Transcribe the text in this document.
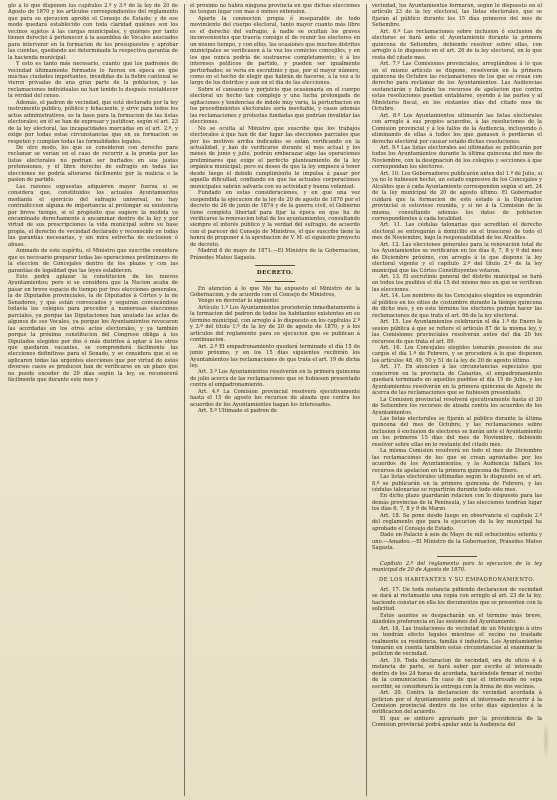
glo á lo que disponen los capítulos 2.º y 3.º de la ley de 20 de Agosto de 1870 y los artículos correspondientes del reglamento que para su ejecucion aprobó el Consejo de Estado; y de ese modo quedará establecido con toda claridad quiénes son los vecinos sujetos á las cargas municipales, y quiénes por tanto tienen derecho á pertenecer á la asamblea de Vocales asociados para intervenir en la formacion de los presupuestos y aprobar las cuentas, quedando así determinada la respectiva garantía de la hacienda municipal.

Y esto es tanto más necesario, cuanto que los padrones de vecindad últimamente formados lo fueron en época en que muchas ciudades importantes, invadidas de la fiebre cantonal se vieron privadas de una gran parte de la poblacion, y las reclamaciones individuales no han tenido lo después restablecer la verdad del censo.

Además, el padron de vecindad, que está declarado por la ley instrumento público, público y fehaciente, y sirve para todos los actos administrativos, es la base para la formacion de las listas electorales; en él se han de expresar y justificar, según el art. 23 de la ley electoral, las incapacidades marcadas en el art. 2.º, y exige por todas estas circunstancias que en su formacion se respeten y cumplan todas las formalidades legales.

De otro modo, los que se consideren con derecho para reclamar se verían en el caso de recurrir a la pronta por las listas electorales no podrían ser burlados en sus justas pretensiones, y el libre derecho de sufragio en todas las elecciones no podría alterarse fácilmente por la malicia o la pasion de partido.

Las razones expuestas adquieren mayor fuerza si se considera que, constituidos los actuales Ayuntamientos mediante el ejercicio del sufragio universal, no hay contradiccion alguna de importancia al prolongar su existencia por breve tiempo, si el propósito que sugiere la medida va encaminado derechamente á encaminar dentro de la ley y por virtud de sus prescripciones la vida municipal sobre su base propia, el derecho de vecindad declarado y reconocido en todas las garantías necesarias, y sin mira estrecha de exclusion ó abuso.

Animado de este espíritu, el Ministro que suscribe considera que es necesario preparar todas las operaciones preliminares de la eleccion de Concejales dentro de los plazos y con las garantías de legalidad que las leyes establecen.

Esto podrá aplazar la constitucion de los nuevos Ayuntamientos; pero si se considera que la Nacion acaba de pasar en breve espacio de tiempo por tres elecciones generales, la de Diputados provinciales, la de Diputados á Córtes y la de Senadores, y que están convocados y seguirán convocándose todavía los colegios para proceder á numerosas elecciones parciales, ya porque las Diputaciones han anulado las actas de algunos de sus Vocales, ya porque los Ayuntamientos revocaron las acordadas en los otros actos electorales, y ya también porque la próxima constitucion del Congreso obliga á los Diputados elegidos por dos ó más distritos á optar á los otros que quedarán vacantes, se comprenderá fácilmente las elecciones definitivas para el Senado, y se considera que si se aplicaren todas las urgentes elecciones que por virtud de estos diversos casos se producen han de verificarse en un plazo que no puede exceder de 20 días según la ley, se reconocerá fácilmente que durante este mes y

el próximo no habrá ninguna provincia en que dichas elecciones no tengan lugar con más ó ménos extension.

Aparte la conmocion propia é inseparable de todo movimiento del cuerpo electoral, tanto mayor cuanto más libre es el derecho del sufragio, á nadie se ocultan los graves inconvenientes que traería consigo el de reunir los electores en un mismo tiempo, y con ellos, las ocasiones que muchos distritos municipales se verificasen á la vez los comicios concejiles, y en los que nunca podría de sustraerse completamente; ó á los intereses políticos de partido, y pueden ser igualmente perturbados; se vería en escrutinio y que, por el mayor número, como en el hecho de elegir que habrán de hacerse, á la vez a lo largo de los distritos y aun en el día de las elecciones.

Sobre el cansancio y perjuicio que ocasionaría en el cuerpo electoral un hecho tan complejo y una lucha prolongada de agitaciones y tendencias de índole muy varia, la perturbacion en los procedimientos electorales sería inevitable, y casos además las reclamaciones y protestas fundadas que podrían invalidar las elecciones.

No se oculta al Ministro que suscribe que los trabajos electorales á que han de dar lugar las elecciones parciales que por los motivos arriba indicados se están verificando en la actualidad, y han de verificarse durante el mes actual y los meses de junio y julio, podrán embarazar algo las operaciones preliminares que exige el perfecto planteamiento de la ley orgánica municipal; pero su deseo de que la ley empiece á tener desde luego el debido cumplimiento le impulsa á pasar por aquella dificultad, confiando en que las actuales corporaciones municipales sabrán salvarla con su actividad y buena voluntad.

Fundado en estas consideraciones, y en que una vez suspendida la ejecucion de la ley de 20 de agosto de 1870 por el decreto de 26 de junio de 1874 y de la guerra civil, el Gobierno tiene completa libertad para fijar la época en que ha de verificarse la renovacion total de los ayuntamientos, consultando siempre el interés público y la verdad del sufragio; de acuerdo con el parecer del Consejo de Ministros, el que suscribe tiene la honra de proponer á la aprobacion de V. M. el siguiente proyecto de decreto.

Madrid 6 de mayo de 1871.—El Ministro de la Gobernacion, Práxedes Mateo Sagasta.

DECRETO.

En atencion á lo que Me ha expuesto el Ministro de la Gobernacion, y de acuerdo con el Consejo de Ministros,

Vengo en decretar lo siguiente:

Artículo 1.º Los Ayuntamientos procederán inmediatamente á la formacion del padron de todos los habitantes existentes en su término municipal, con arreglo á lo dispuesto en los capítulos 2.º y 3.º del título 1.º de la ley de 20 de agosto de 1870, y á los artículos del reglamento para su ejecucion que se publican á continuacion.

Art. 2.º El empadronamiento quedará terminado el día 15 de junio próximo, y en los 15 días siguientes recibirán los Ayuntamientos las reclamaciones de que trata el art. 19 de dicha ley.

Art. 3.º Los Ayuntamientos resolverán en la primera quincena de julio acerca de las reclamaciones que se hubiesen presentado contra el empadronamiento.

Art. 4.º La Comision provincial resolverá ejecutivamente hasta el 15 de agosto los recursos de alzada que contra los acuerdos de los Ayuntamientos hagan los interesados.

Art. 5.º Ultimado el padron de

vecindad, los Ayuntamientos formarán, según lo dispuesto en el artículo 23 de la ley electoral, las listas electorales, que se fijarán al público durante los 15 días primeros del mes de Setiembre.

Art. 6.º Las reclamaciones sobre inclusion ó exclusion de electores se hará ante el Ayuntamiento durante la primera quincena de Setiembre, debiendo resolver sobre ellas, con arreglo á lo dispuesto en el art. 26 de la ley electoral, en lo que resta del citado mes.

Art. 7.º Las Comisiones provinciales, arreglándose á lo que en el mismo artículo se dispone, resolverán en la primera quincena de Octubre las reclamaciones de los que se crean con derecho para reclamar de los Ayuntamientos. Las Audiencias sustanciarán y fallarán los recursos de apelacion que contra estas resoluciones puedan entablarse, oyendo á las partes y al Ministerio fiscal, en los restantes días del citado mes de Octubre.

Art. 8.º Los Ayuntamientos ultimarán las listas electorales con arreglo á sus propios acuerdos, á las resoluciones de la Comision provincial y á los fallos de la Audiencia, incluyendo ó eliminando de ellas á todos los que ganasen ó perdieran el derecho electoral por causar estado dichas resoluciones.

Art. 9.º Las listas electorales así ultimadas se publicarán por todos los Ayuntamientos durante la última quincena del mes de Noviembre, con la designacion de los colegios y secciones á que correspondan los electores.

Art. 10. Los Gobernadores publicarán antes del 1.º de Julio, si ya no lo hubiesen hecho, un estado expresivo de los Concejales y Alcaldes que á cada Ayuntamiento corresponden según el art. 24 de la ley municipal de 20 de agosto último. El Gobernador cuidará que la formacion de este estado á la Diputacion provincial si estuviese reunida, y si no á la Comision de la misma, consultando además los datos de poblacion correspondientes á cada localidad.

Art. 11. Las cédulas talonarias que acreditan el derecho electoral se entregarán á domicilio en el trascurso de todo el mes de Noviembre, bajo la responsabilidad de los Alcaldes.

Art. 12. Las elecciones generales para la renovacion total de los Ayuntamientos se verificarán en los días 6, 7, 8 y 9 del mes de Diciembre próximo, con arreglo á lo que dispone la ley electoral vigente y el capítulo 2.º del título 2.º de la ley municipal que las Córtes Constituyentes votaron.

Art. 13. El escrutinio general del distrito municipal se hará en todos los pueblos el día 15 del mismo mes en que se verifican las elecciones.

Art. 14. Los nombres de los Concejales elegidos se expondrán al público en los sitios de costumbre durante la tiempo quincena de dicho mes, y en este término los electores podrán hacer las reclamaciones de que trata el art. 86 de la ley electoral.

Art. 15. Los Ayuntamientos celebrarán el día 1.º de Enero la sesion pública á que se refiere el artículo 87 de la misma ley, y las Comisiones provinciales resolverán antes del día 20 los recursos de que trata el art. 89.

Art. 16. Los Concejales elegidos tomarán posesion de sus cargos el día 1.º de Febrero, y se procederá á lo que disponen los artículos 48, 49, 50 y 51 de la ley de 20 de agosto último.

Art. 17. En atencion á las circunstancias especiales que concurren en la provincia de Canarias, el empadronamiento quedará terminado en aquellos pueblos el día 15 de Julio, y los Ayuntamientos resolverán en la primera quincena de Agosto de acerca de las reclamaciones que se hubiesen presentado.

La Comision provincial resolverá ejecutivamente hasta el 30 de Setiembre los recursos de alzada contra los acuerdos de los Ayuntamientos.

Las listas electorales se fijarán al público durante la última quincena del mes de Octubre, y las reclamaciones sobre inclusion ó exclusion de electores se harán ante el Ayuntamiento en los primeros 15 días del mes de Noviembre, debiendo resolver sobre ellas en lo restante del citado mes.

La misma Comision resolverá en todo el mes de Diciembre las reclamaciones de los que se crean agraviados por los acuerdos de los Ayuntamientos, y la Audiencia fallará los recursos de apelacion en la primera quincena de Enero.

Las listas electorales ultimadas según lo dispuesto en el art. 8.º se publicarán en la primera quincena de Febrero, y las cédulas talonarias se repartirán durante todo este mes.

En dicho plazo guardarán relacion con lo dispuesto para las demás provincias de la Península, y las elecciones tendrán lugar los días 6, 7, 8 y 9 de Marzo.

Art. 18. Se pone desde luego en observancia el capítulo 2.º del reglamento que para la ejecucion de la ley municipal ha aprobado el Consejo de Estado.

Dado en Palacio á seis de Mayo de mil ochocientos setenta y uno.—Amadeo.—El Ministro de la Gobernacion, Práxedes Mateo Sagasta.

Capítulo 2.º del reglamento para la ejecucion de la ley municipal de 20 de Agosto de 1870.

DE LOS HABITANTES Y SU EMPADRONAMIENTO.

Art. 17. De toda instancia pidiendo declaracion de vecindad se dará al reclamante una copia con arreglo al art. 23 de la ley, haciendo constar en ella los documentos que se presenten con la solicitud.

Estos asuntos se despacharán en el término más breve, dándoles preferencia en las sesiones del Ayuntamiento.

Art. 18. Las traslaciones de vecindad de un Municipio á otro no tendrán efecto legales mientras el vecino no traslade realmente su residencia, familia ó industria. Los Ayuntamientos tomarán en cuenta tambien estas circunstancias al examinar la peticion de vecindad.

Art. 19. Toda declaracion de vecindad, ora de oficio ó á instancia de parte, se hará saber por escrito al interesado dentro de los 24 horas de acordada, haciéndole firmar el recibo de la comunicacion. En caso de que el interesado no sepa escribir, se considerará la entrega con la firma de dos vecinos.

Art. 20. Contra la declaracion de vecindad acordada á peticion por el Ayuntamiento podrá el interesado recurrir á la Comision provincial dentro de los ocho días siguientes á la notificacion del acuerdo.

El que se sintiere agraviado por la providencia de la Comision provincial podrá apelar ante la Audiencia del
